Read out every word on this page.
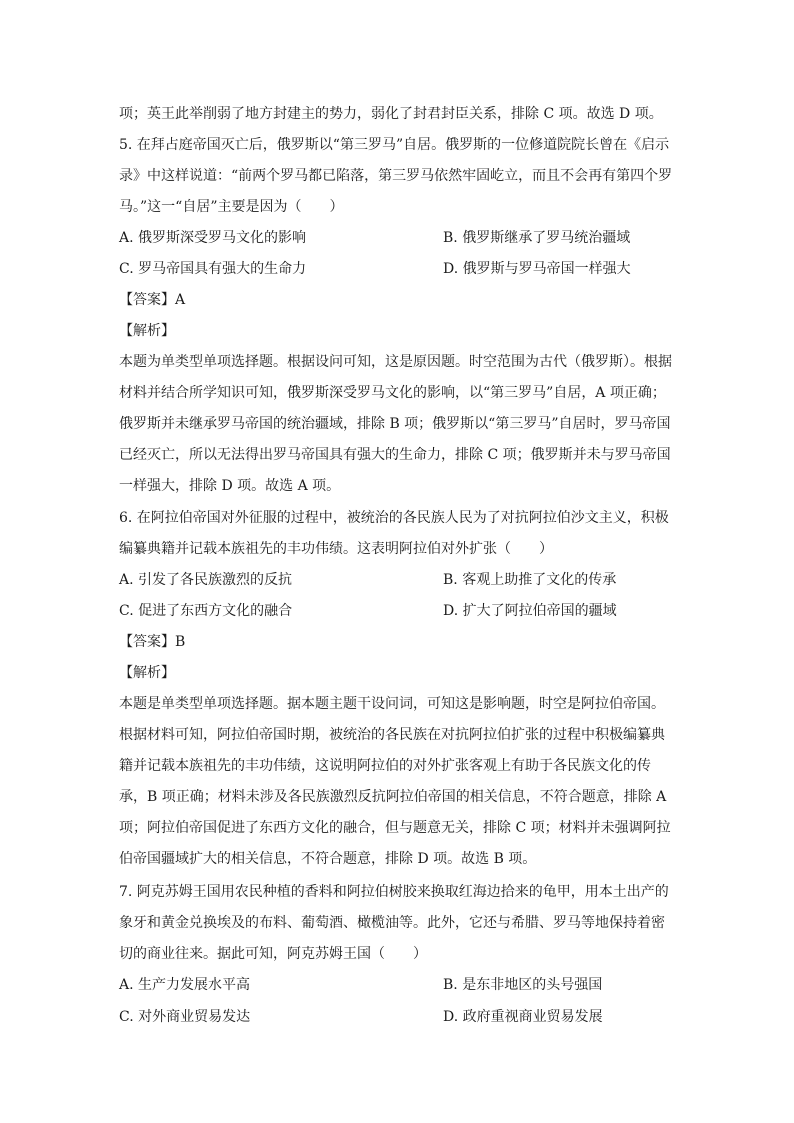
项；英王此举削弱了地方封建主的势力，弱化了封君封臣关系，排除 C 项。故选 D 项。
5. 在拜占庭帝国灭亡后，俄罗斯以“第三罗马”自居。俄罗斯的一位修道院院长曾在《启示
录》中这样说道：“前两个罗马都已陷落，第三罗马依然牢固屹立，而且不会再有第四个罗
马。”这一“自居”主要是因为（　　）
A. 俄罗斯深受罗马文化的影响	B. 俄罗斯继承了罗马统治疆域
C. 罗马帝国具有强大的生命力	D. 俄罗斯与罗马帝国一样强大
【答案】A
【解析】
本题为单类型单项选择题。根据设问可知，这是原因题。时空范围为古代（俄罗斯）。根据
材料并结合所学知识可知，俄罗斯深受罗马文化的影响，以“第三罗马”自居，A 项正确；
俄罗斯并未继承罗马帝国的统治疆域，排除 B 项；俄罗斯以“第三罗马”自居时，罗马帝国
已经灭亡，所以无法得出罗马帝国具有强大的生命力，排除 C 项；俄罗斯并未与罗马帝国
一样强大，排除 D 项。故选 A 项。
6. 在阿拉伯帝国对外征服的过程中，被统治的各民族人民为了对抗阿拉伯沙文主义，积极
编纂典籍并记载本族祖先的丰功伟绩。这表明阿拉伯对外扩张（　　）
A. 引发了各民族激烈的反抗	B. 客观上助推了文化的传承
C. 促进了东西方文化的融合	D. 扩大了阿拉伯帝国的疆域
【答案】B
【解析】
本题是单类型单项选择题。据本题主题干设问词，可知这是影响题，时空是阿拉伯帝国。
根据材料可知，阿拉伯帝国时期，被统治的各民族在对抗阿拉伯扩张的过程中积极编纂典
籍并记载本族祖先的丰功伟绩，这说明阿拉伯的对外扩张客观上有助于各民族文化的传
承，B 项正确；材料未涉及各民族激烈反抗阿拉伯帝国的相关信息，不符合题意，排除 A
项；阿拉伯帝国促进了东西方文化的融合，但与题意无关，排除 C 项；材料并未强调阿拉
伯帝国疆域扩大的相关信息，不符合题意，排除 D 项。故选 B 项。
7. 阿克苏姆王国用农民种植的香料和阿拉伯树胶来换取红海边拾来的龟甲，用本土出产的
象牙和黄金兑换埃及的布料、葡萄酒、橄榄油等。此外，它还与希腊、罗马等地保持着密
切的商业往来。据此可知，阿克苏姆王国（　　）
A. 生产力发展水平高	B. 是东非地区的头号强国
C. 对外商业贸易发达	D. 政府重视商业贸易发展
